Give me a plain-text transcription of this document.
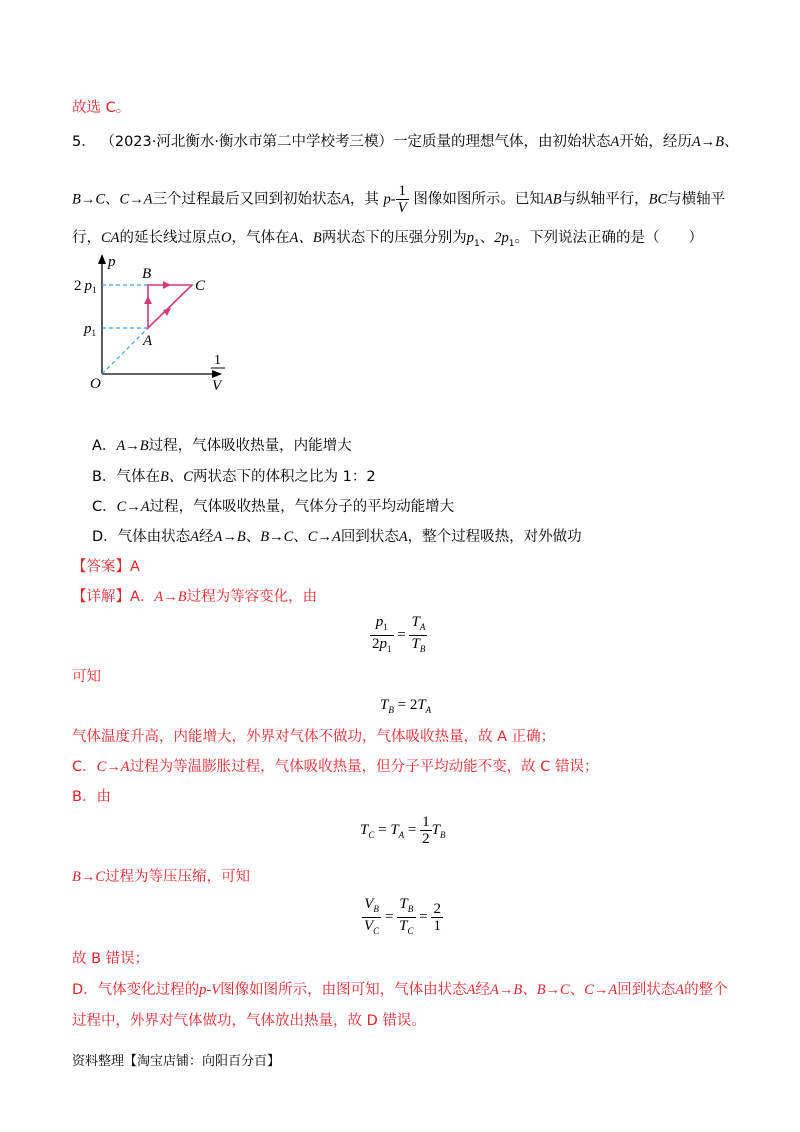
故选 C。
5． （2023·河北衡水·衡水市第二中学校考三模）一定质量的理想气体，由初始状态A开始，经历A→B、
B→C、C→A三个过程最后又回到初始状态A，其 $p- \frac{1}{V}$ 图像如图所示。已知AB与纵轴平行，BC与横轴平
行，CA的延长线过原点O，气体在A、B两状态下的压强分别为$p_1$、$2p_1$。下列说法正确的是（　　）
p
1
V
O
2 $p_1$
$p_1$	A
B
C
A．A→B过程，气体吸收热量，内能增大
B．气体在B、C两状态下的体积之比为 1：2
C．C→A过程，气体吸收热量，气体分子的平均动能增大
D．气体由状态A经A→B、B→C、C→A回到状态A，整个过程吸热，对外做功
【答案】A
【详解】A．A→B过程为等容变化，由
$\frac{p_1}{2p_1} = \frac{T_A}{T_B}$
可知
$T_B = 2T_A$
气体温度升高，内能增大，外界对气体不做功，气体吸收热量，故 A 正确；
C．C→A过程为等温膨胀过程，气体吸收热量，但分子平均动能不变，故 C 错误；
B．由
$T_C = T_A = \frac{1}{2} T_B$
B→C过程为等压压缩，可知
$\frac{V_B}{V_C} = \frac{T_B}{T_C} = \frac{2}{1}$
故 B 错误；
D．气体变化过程的p-V图像如图所示，由图可知，气体由状态A经A→B、B→C、C→A回到状态A的整个
过程中，外界对气体做功，气体放出热量，故 D 错误。
资料整理【淘宝店铺：向阳百分百】
